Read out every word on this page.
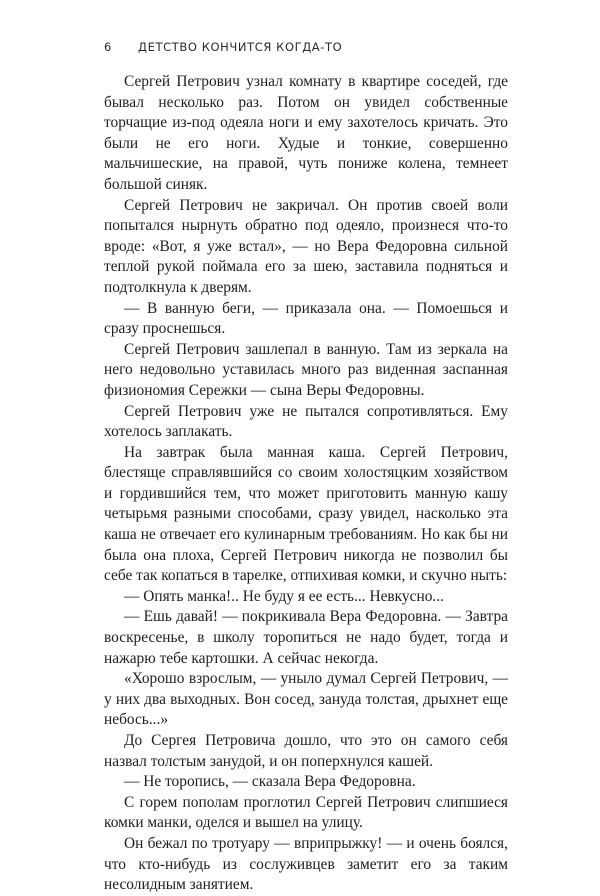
6 ДЕТСТВО КОНЧИТСЯ КОГДА-ТО

Сергей Петрович узнал комнату в квартире соседей, где бывал несколько раз. Потом он увидел собственные торчащие из-под одеяла ноги и ему захотелось кричать. Это были не его ноги. Худые и тонкие, совершенно мальчишеские, на правой, чуть пониже колена, темнеет большой синяк.

Сергей Петрович не закричал. Он против своей воли попытался нырнуть обратно под одеяло, произнеся что-то вроде: «Вот, я уже встал», — но Вера Федоровна сильной теплой рукой поймала его за шею, заставила подняться и подтолкнула к дверям.

— В ванную беги, — приказала она. — Помоешься и сразу проснешься.

Сергей Петрович зашлепал в ванную. Там из зеркала на него недовольно уставилась много раз виденная заспанная физиономия Сережки — сына Веры Федоровны.

Сергей Петрович уже не пытался сопротивляться. Ему хотелось заплакать.

На завтрак была манная каша. Сергей Петрович, блестяще справлявшийся со своим холостяцким хозяйством и гордившийся тем, что может приготовить манную кашу четырьмя разными способами, сразу увидел, насколько эта каша не отвечает его кулинарным требованиям. Но как бы ни была она плоха, Сергей Петрович никогда не позволил бы себе так копаться в тарелке, отпихивая комки, и скучно ныть:

— Опять манка!.. Не буду я ее есть... Невкусно...

— Ешь давай! — покрикивала Вера Федоровна. — Завтра воскресенье, в школу торопиться не надо будет, тогда и нажарю тебе картошки. А сейчас некогда.

«Хорошо взрослым, — уныло думал Сергей Петрович, — у них два выходных. Вон сосед, зануда толстая, дрыхнет еще небось...»

До Сергея Петровича дошло, что это он самого себя назвал толстым занудой, и он поперхнулся кашей.

— Не торопись, — сказала Вера Федоровна.

С горем пополам проглотил Сергей Петрович слипшиеся комки манки, оделся и вышел на улицу.

Он бежал по тротуару — вприпрыжку! — и очень боялся, что кто-нибудь из сослуживцев заметит его за таким несолидным занятием.
